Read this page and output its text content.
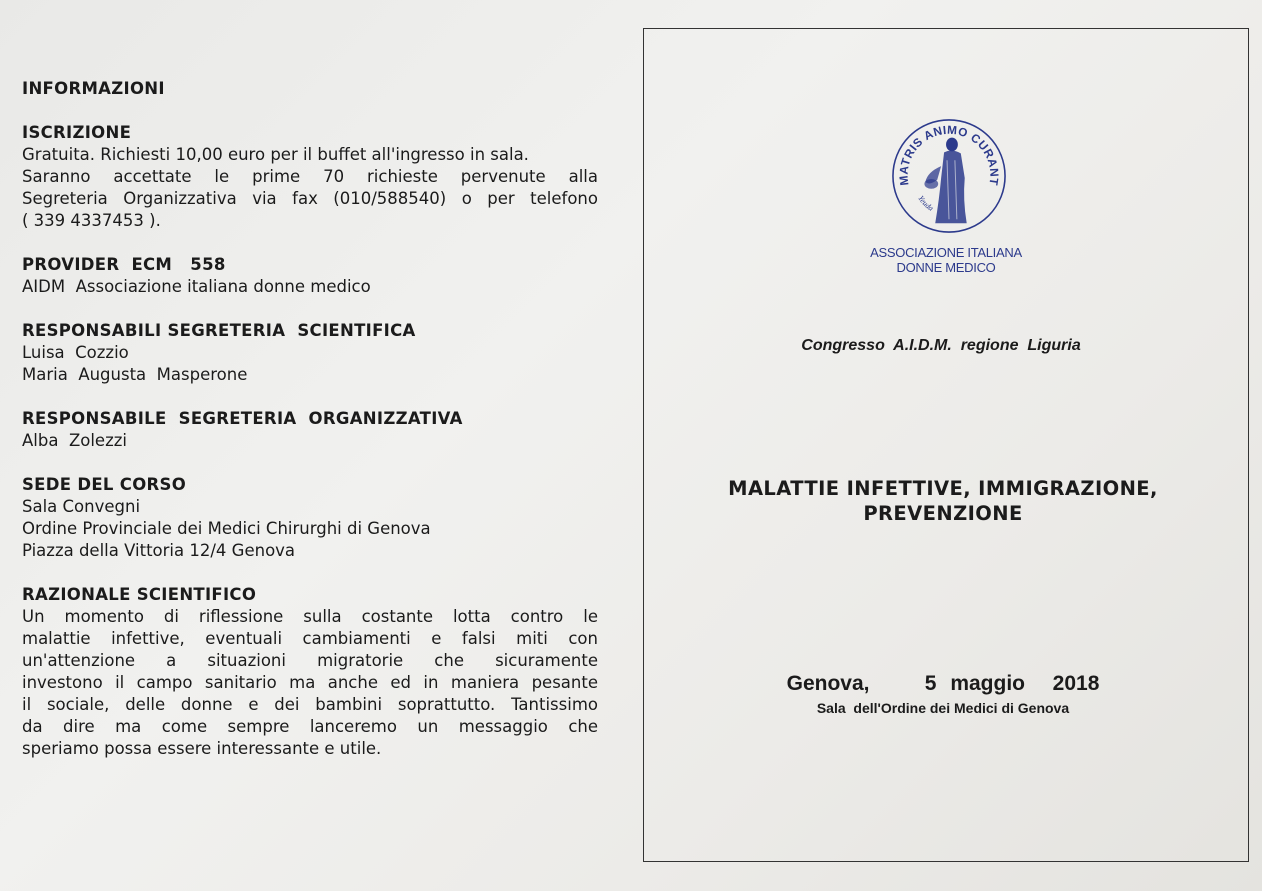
INFORMAZIONI
ISCRIZIONE
Gratuita. Richiesti 10,00 euro per il buffet all'ingresso in sala.
Saranno accettate le prime 70 richieste pervenute alla
Segreteria Organizzativa via fax (010/588540) o per telefono
( 339 4337453 ).
PROVIDER  ECM   558
AIDM  Associazione italiana donne medico
RESPONSABILI SEGRETERIA  SCIENTIFICA
Luisa  Cozzio
Maria  Augusta  Masperone
RESPONSABILE  SEGRETERIA  ORGANIZZATIVA
Alba  Zolezzi
SEDE DEL CORSO
Sala Convegni
Ordine Provinciale dei Medici Chirurghi di Genova
Piazza della Vittoria 12/4 Genova
RAZIONALE SCIENTIFICO
Un momento di riflessione sulla costante lotta contro le
malattie infettive, eventuali cambiamenti e falsi miti con
un'attenzione a situazioni migratorie che sicuramente
investono il campo sanitario ma anche ed in maniera pesante
il sociale, delle donne e dei bambini soprattutto. Tantissimo
da dire ma come sempre lanceremo un messaggio che
speriamo possa essere interessante e utile.
MATRIS ANIMO CURANT
Yeuda
ASSOCIAZIONE ITALIANA
DONNE MEDICO
Congresso  A.I.D.M.  regione  Liguria
MALATTIE INFETTIVE, IMMIGRAZIONE,
PREVENZIONE
Genova,    5 maggio  2018
Sala  dell'Ordine dei Medici di Genova
